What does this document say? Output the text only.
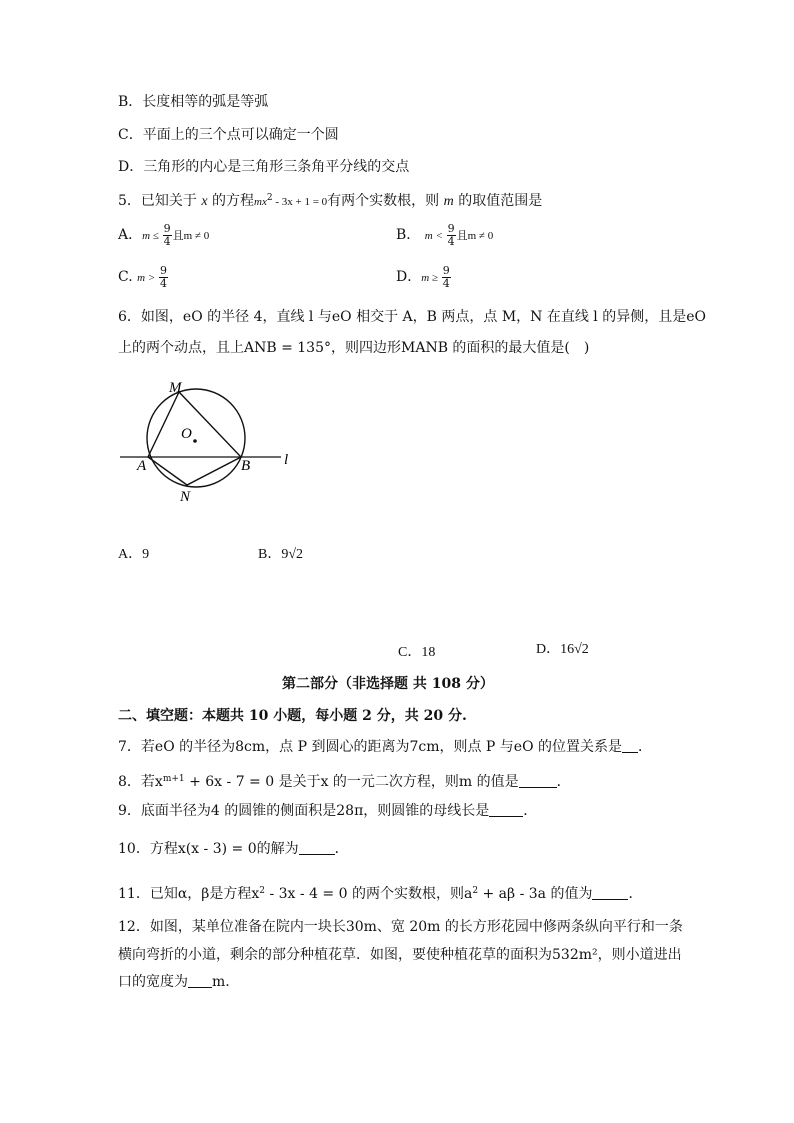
B．长度相等的弧是等弧
C．平面上的三个点可以确定一个圆
D．三角形的内心是三角形三条角平分线的交点
5．已知关于 x 的方程$mx^2 - 3x + 1 = 0$有两个实数根，则 m 的取值范围是
A．$m \le \frac{9}{4}$ 且m ≠ 0	B． $m < \frac{9}{4}$ 且m ≠ 0
C. $m > \frac{9}{4}$	D．$m \ge \frac{9}{4}$
6．如图，eO 的半径 4，直线 l 与eO 相交于 A，B 两点，点 M，N 在直线 l 的异侧，且是eO
上的两个动点，且上ANB = 135°，则四边形MANB 的面积的最大值是(　)
M
O
A	B
N
l
A．9	B．9√2
C．18	D．16√2
第二部分（非选择题 共 108 分）
二、填空题：本题共 10 小题，每小题 2 分，共 20 分.
7．若eO 的半径为8cm，点 P 到圆心的距离为7cm，则点 P 与eO 的位置关系是 ．
8．若$x^{m+1} + 6x - 7 = 0$ 是关于x 的一元二次方程，则m 的值是	．
9．底面半径为4 的圆锥的侧面积是28π，则圆锥的母线长是 ．
10．方程x(x - 3) = 0的解为	．
11．已知α，β是方程$x^2 - 3x - 4 = 0$ 的两个实数根，则$a^2 + a\beta - 3a$ 的值为	．
12．如图，某单位准备在院内一块长30m、宽 20m 的长方形花园中修两条纵向平行和一条
横向弯折的小道，剩余的部分种植花草．如图，要使种植花草的面积为532m²，则小道进出
口的宽度为 m.
